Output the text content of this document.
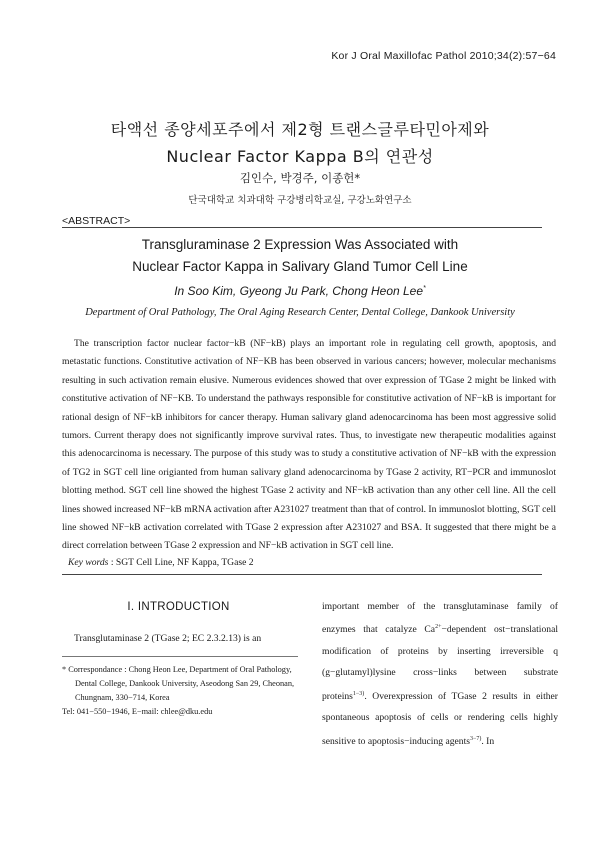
Kor J Oral Maxillofac Pathol 2010;34(2):57−64
타액선 종양세포주에서 제2형 트랜스글루타민아제와
Nuclear Factor Kappa B의 연관성
김인수, 박경주, 이종헌*
단국대학교 치과대학 구강병리학교실, 구강노화연구소
<ABSTRACT>
Transgluraminase 2 Expression Was Associated with
Nuclear Factor Kappa in Salivary Gland Tumor Cell Line
In Soo Kim, Gyeong Ju Park, Chong Heon Lee*
Department of Oral Pathology, The Oral Aging Research Center, Dental College, Dankook University
The transcription factor nuclear factor−kB (NF−kB) plays an important role in regulating cell growth, apoptosis, and metastatic functions. Constitutive activation of NF−KB has been observed in various cancers; however, molecular mechanisms resulting in such activation remain elusive. Numerous evidences showed that over expression of TGase 2 might be linked with constitutive activation of NF−KB. To understand the pathways responsible for constitutive activation of NF−kB is important for rational design of NF−kB inhibitors for cancer therapy. Human salivary gland adenocarcinoma has been most aggressive solid tumors. Current therapy does not significantly improve survival rates. Thus, to investigate new therapeutic modalities against this adenocarcinoma is necessary. The purpose of this study was to study a constitutive activation of NF−kB with the expression of TG2 in SGT cell line origianted from human salivary gland adenocarcinoma by TGase 2 activity, RT−PCR and immunoslot blotting method. SGT cell line showed the highest TGase 2 activity and NF−kB activation than any other cell line. All the cell lines showed increased NF−kB mRNA activation after A231027 treatment than that of control. In immunoslot blotting, SGT cell line showed NF−kB activation correlated with TGase 2 expression after A231027 and BSA. It suggested that there might be a direct correlation between TGase 2 expression and NF−kB activation in SGT cell line.
Key words : SGT Cell Line, NF Kappa, TGase 2
I. INTRODUCTION
Transglutaminase 2 (TGase 2; EC 2.3.2.13) is an
* Correspondance : Chong Heon Lee, Department of Oral Pathology, Dental College, Dankook University, Aseodong San 29, Cheonan, Chungnam, 330−714, Korea
Tel: 041−550−1946, E−mail: chlee@dku.edu
important member of the transglutaminase family of enzymes that catalyze $Ca^{2+}-dependent$ ost−translational modification of proteins by inserting irreversible q (g−glutamyl)lysine cross−links between substrate proteins$^{1-3)}$. Overexpression of TGase 2 results in either spontaneous apoptosis of cells or rendering cells highly sensitive to apoptosis−inducing agents$^{3-7)}$. In
